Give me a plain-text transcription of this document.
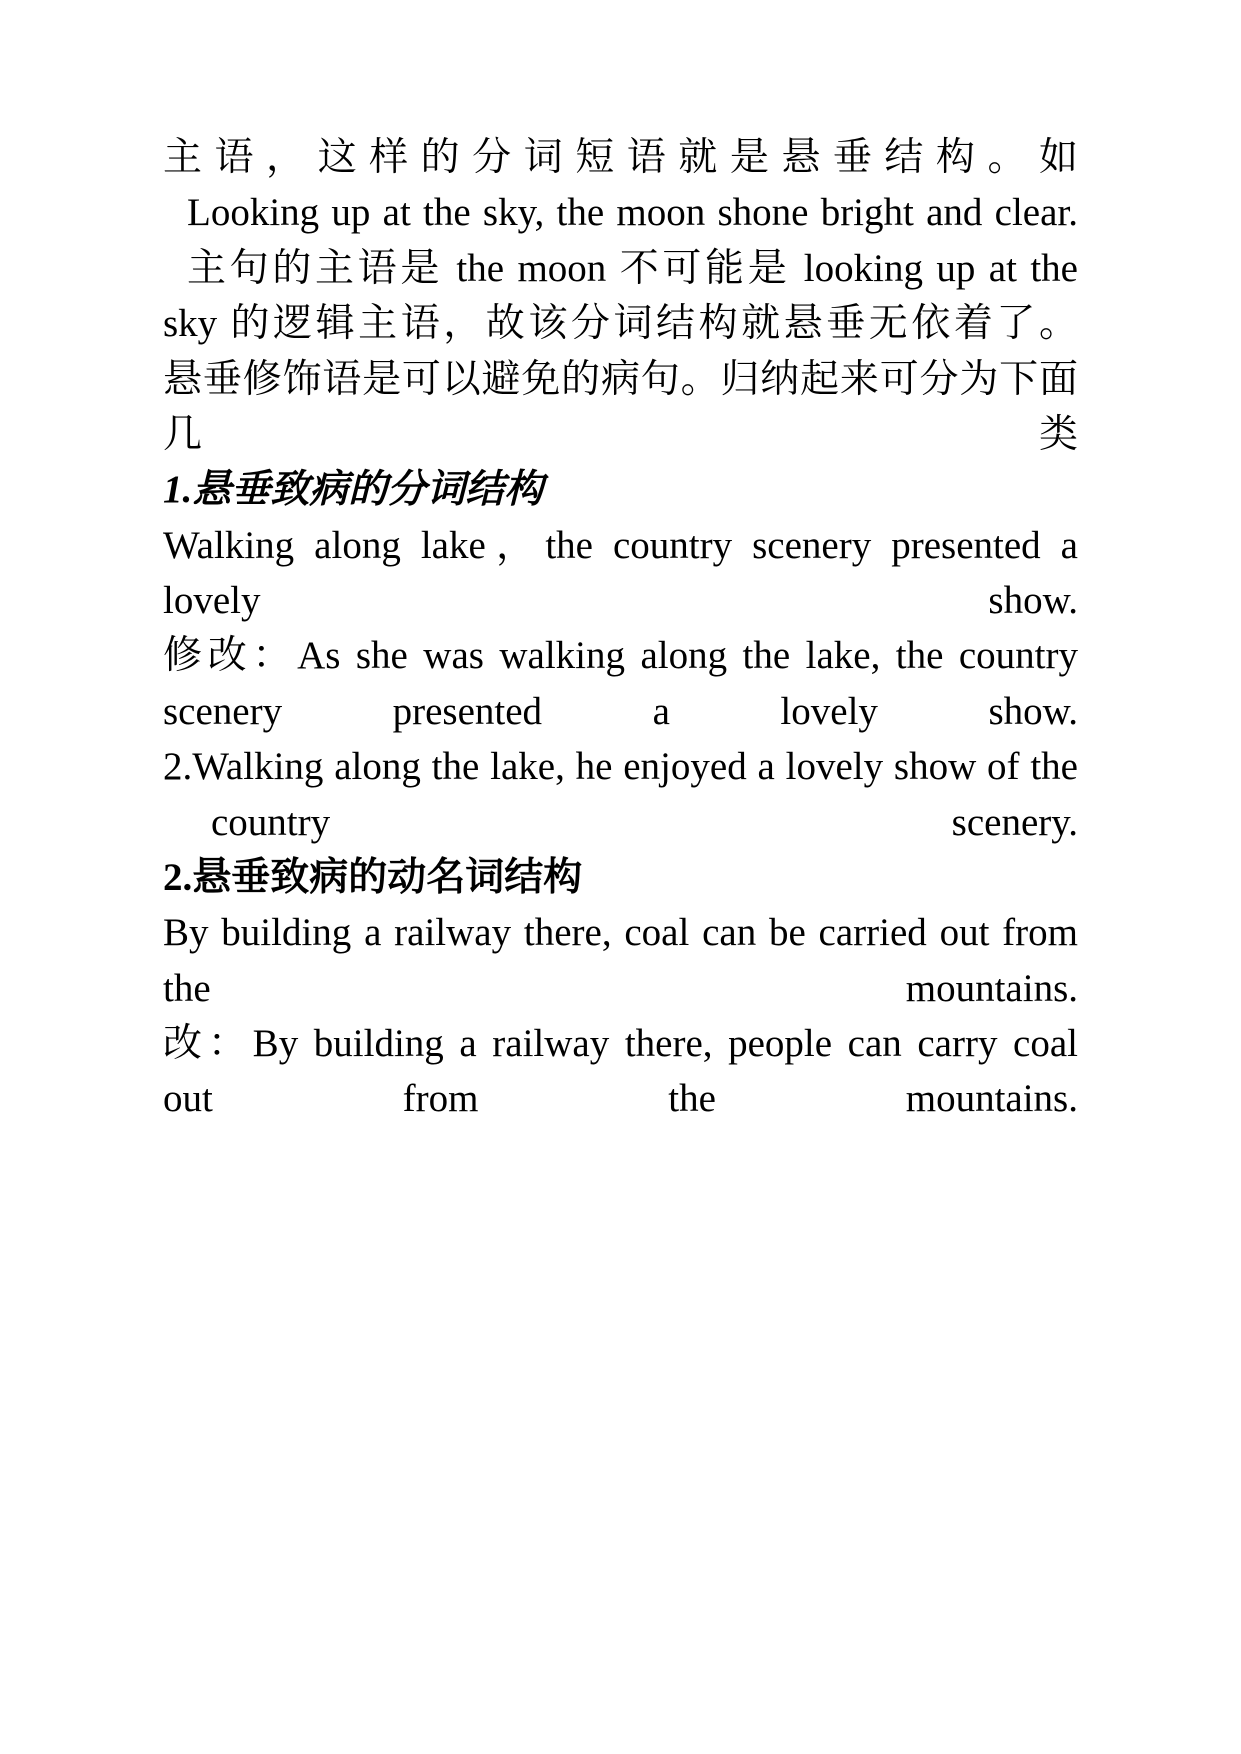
主语，这样的分词短语就是悬垂结构。如

Looking up at the sky, the moon shone bright and clear.

主句的主语是 the moon 不可能是 looking up at the sky 的逻辑主语，故该分词结构就悬垂无依着了。

悬垂修饰语是可以避免的病句。归纳起来可分为下面几类

1.悬垂致病的分词结构

Walking along lake，the country scenery presented a lovely show.

修改：As she was walking along the lake, the country scenery presented a lovely show.

2.Walking along the lake, he enjoyed a lovely show of the country scenery.

2.悬垂致病的动名词结构

By building a railway there, coal can be carried out from the mountains.

改：By building a railway there, people can carry coal out from the mountains.
